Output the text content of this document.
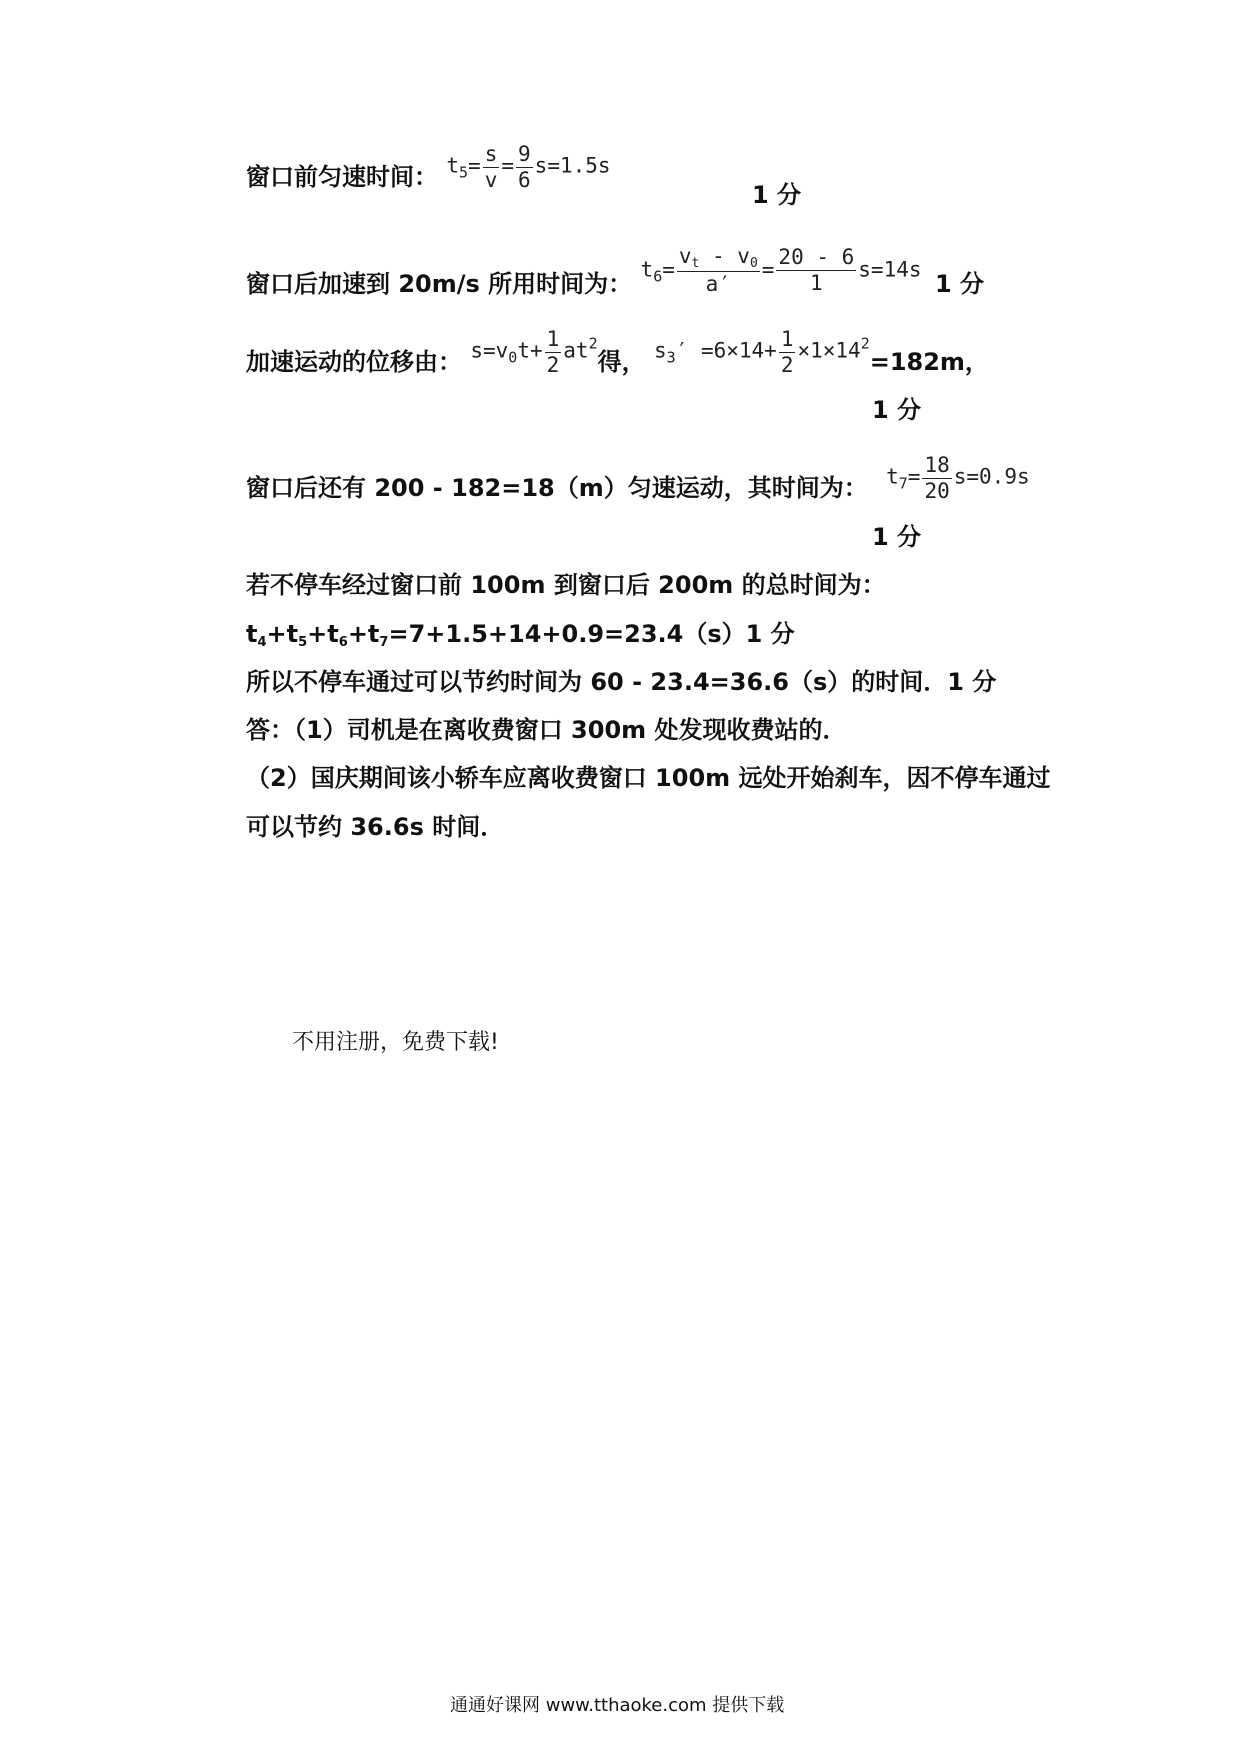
窗口前匀速时间： $t_5= \frac{s}{v} = \frac{9}{6} s=1.5s$
1 分
窗口后加速到 20m/s 所用时间为： $t_6= \frac{v_t - v_0}{a'} = \frac{20 - 6}{1} s=14s$
1 分
加速运动的位移由： $s=v_0t+ \frac{1}{2} at^2$得， $s_3' =6\times 14+ \frac{1}{2} \times 1\times 14^2=182m$，
1 分
窗口后还有 200 - 182=18（m）匀速运动，其时间为： $t_7= \frac{18}{20} s=0.9s$
1 分
若不停车经过窗口前 100m 到窗口后 200m 的总时间为：
$t_4+t_5+t_6+t_7=7+1.5+14+0.9=23.4(s)1$ 分
所以不停车通过可以节约时间为 60 - 23.4=36.6（s）的时间．1 分
答：（1）司机是在离收费窗口 300m 处发现收费站的．
（2）国庆期间该小轿车应离收费窗口 100m 远处开始刹车，因不停车通过
可以节约 36.6s 时间．
不用注册，免费下载!
通通好课网 www.tthaoke.com 提供下载
